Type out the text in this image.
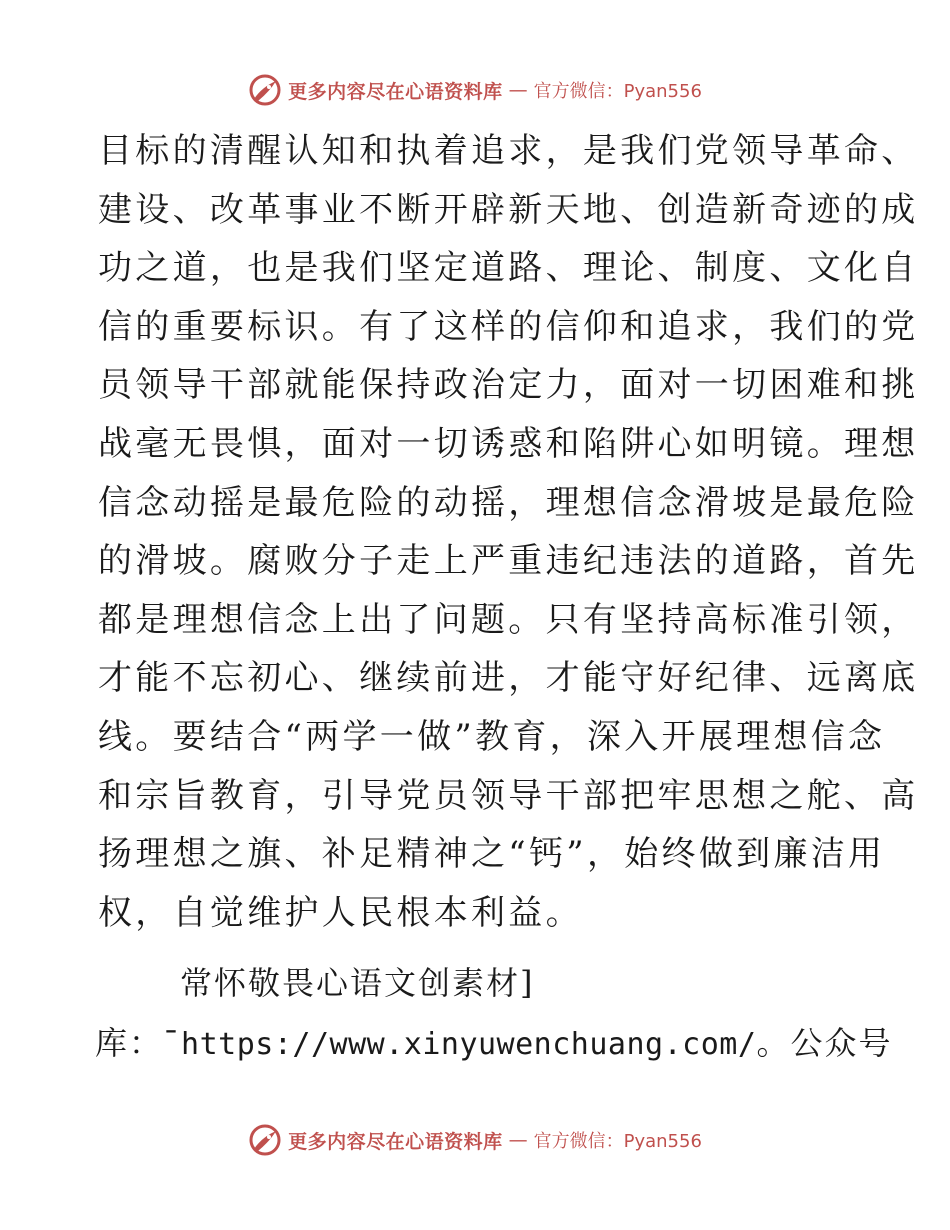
更多内容尽在心语资料库 — 官方微信：Pyan556
目标的清醒认知和执着追求，是我们党领导革命、
建设、改革事业不断开辟新天地、创造新奇迹的成
功之道，也是我们坚定道路、理论、制度、文化自
信的重要标识。有了这样的信仰和追求，我们的党
员领导干部就能保持政治定力，面对一切困难和挑
战毫无畏惧，面对一切诱惑和陷阱心如明镜。理想
信念动摇是最危险的动摇，理想信念滑坡是最危险
的滑坡。腐败分子走上严重违纪违法的道路，首先
都是理想信念上出了问题。只有坚持高标准引领，
才能不忘初心、继续前进，才能守好纪律、远离底
线。要结合“两学一做”教育，深入开展理想信念
和宗旨教育，引导党员领导干部把牢思想之舵、高
扬理想之旗、补足精神之“钙”，始终做到廉洁用
权，自觉维护人民根本利益。
常怀敬畏心语文创素材]
库：¯https://www.xinyuwenchuang.com/。公众号
更多内容尽在心语资料库 — 官方微信：Pyan556
